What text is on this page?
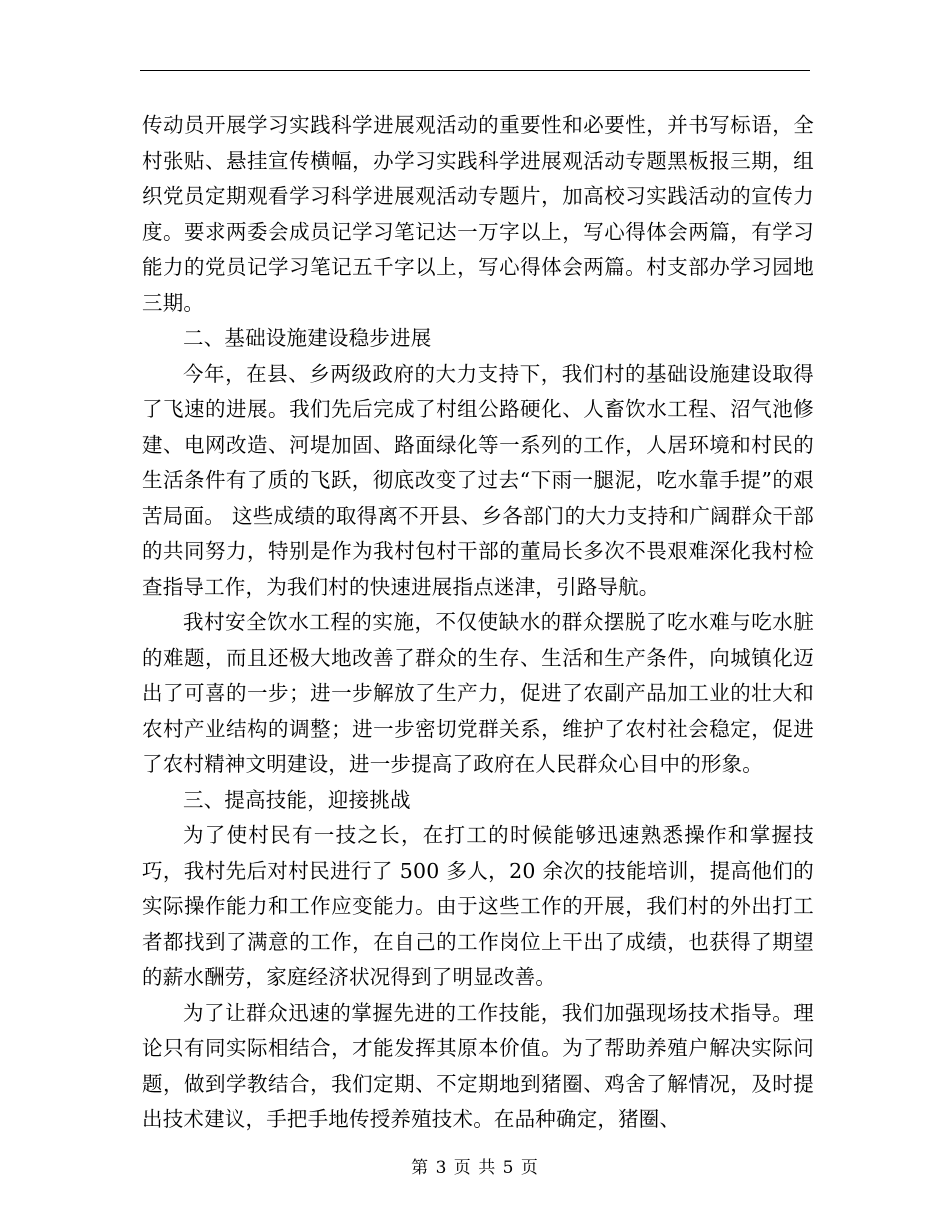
传动员开展学习实践科学进展观活动的重要性和必要性，并书写标语，全村张贴、悬挂宣传横幅，办学习实践科学进展观活动专题黑板报三期，组织党员定期观看学习科学进展观活动专题片，加高校习实践活动的宣传力度。要求两委会成员记学习笔记达一万字以上，写心得体会两篇，有学习能力的党员记学习笔记五千字以上，写心得体会两篇。村支部办学习园地三期。

二、基础设施建设稳步进展

今年，在县、乡两级政府的大力支持下，我们村的基础设施建设取得了飞速的进展。我们先后完成了村组公路硬化、人畜饮水工程、沼气池修建、电网改造、河堤加固、路面绿化等一系列的工作，人居环境和村民的生活条件有了质的飞跃，彻底改变了过去“下雨一腿泥，吃水靠手提”的艰苦局面。 这些成绩的取得离不开县、乡各部门的大力支持和广阔群众干部的共同努力，特别是作为我村包村干部的董局长多次不畏艰难深化我村检查指导工作，为我们村的快速进展指点迷津，引路导航。

我村安全饮水工程的实施，不仅使缺水的群众摆脱了吃水难与吃水脏的难题，而且还极大地改善了群众的生存、生活和生产条件，向城镇化迈出了可喜的一步；进一步解放了生产力，促进了农副产品加工业的壮大和农村产业结构的调整；进一步密切党群关系，维护了农村社会稳定，促进了农村精神文明建设，进一步提高了政府在人民群众心目中的形象。

三、提高技能，迎接挑战

为了使村民有一技之长，在打工的时候能够迅速熟悉操作和掌握技巧，我村先后对村民进行了 500 多人，20 余次的技能培训，提高他们的实际操作能力和工作应变能力。由于这些工作的开展，我们村的外出打工者都找到了满意的工作，在自己的工作岗位上干出了成绩，也获得了期望的薪水酬劳，家庭经济状况得到了明显改善。

为了让群众迅速的掌握先进的工作技能，我们加强现场技术指导。理论只有同实际相结合，才能发挥其原本价值。为了帮助养殖户解决实际问题，做到学教结合，我们定期、不定期地到猪圈、鸡舍了解情况，及时提出技术建议，手把手地传授养殖技术。在品种确定，猪圈、

第 3 页 共 5 页
